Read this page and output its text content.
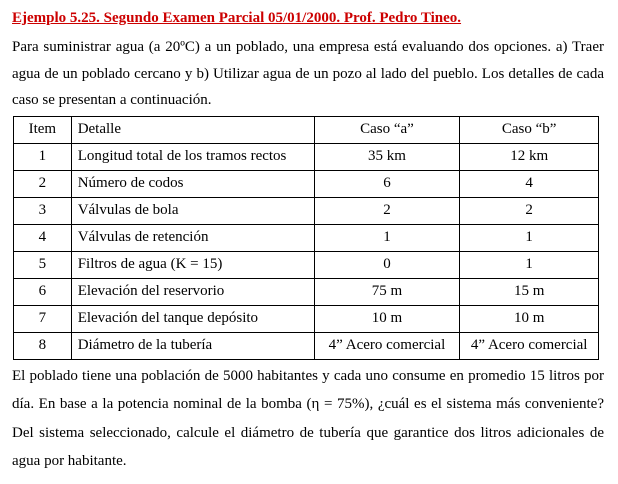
Ejemplo 5.25. Segundo Examen Parcial 05/01/2000. Prof. Pedro Tineo.

Para suministrar agua (a 20ºC) a un poblado, una empresa está evaluando dos opciones. a) Traer agua de un poblado cercano y b) Utilizar agua de un pozo al lado del pueblo. Los detalles de cada caso se presentan a continuación.

Item	Detalle	Caso “a”	Caso “b”
1	Longitud total de los tramos rectos	35 km	12 km
2	Número de codos	6	4
3	Válvulas de bola	2	2
4	Válvulas de retención	1	1
5	Filtros de agua (K = 15)	0	1
6	Elevación del reservorio	75 m	15 m
7	Elevación del tanque depósito	10 m	10 m
8	Diámetro de la tubería	4” Acero comercial	4” Acero comercial

El poblado tiene una población de 5000 habitantes y cada uno consume en promedio 15 litros por día. En base a la potencia nominal de la bomba (η = 75%), ¿cuál es el sistema más conveniente? Del sistema seleccionado, calcule el diámetro de tubería que garantice dos litros adicionales de agua por habitante.
